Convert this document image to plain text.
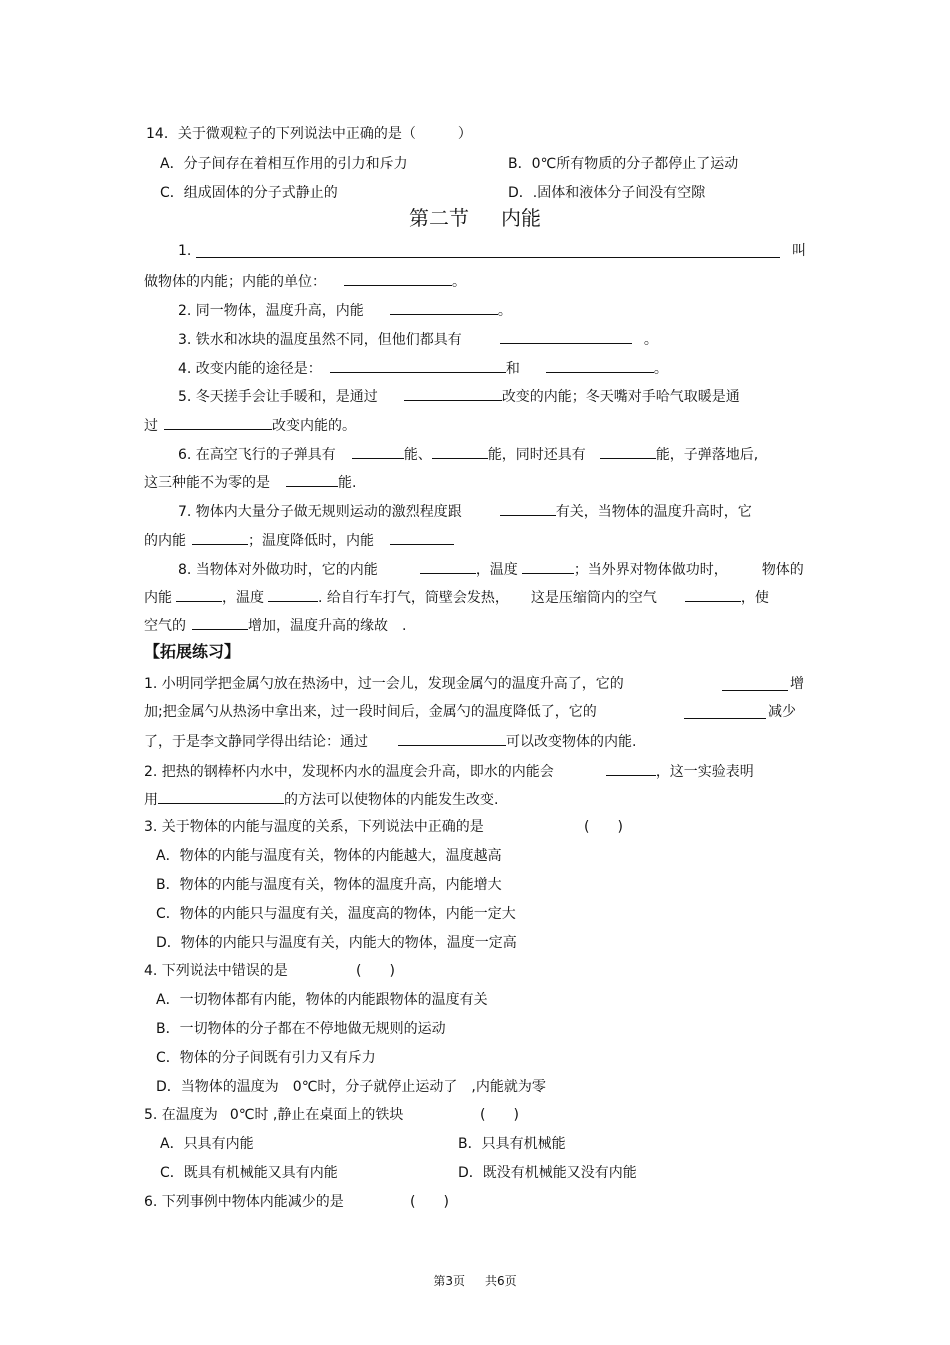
14．关于微观粒子的下列说法中正确的是（　　　）
A．分子间存在着相互作用的引力和斥力	B．0℃所有物质的分子都停止了运动
C．组成固体的分子式静止的	D．.固体和液体分子间没有空隙
第二节 内能
1.	叫
做物体的内能；内能的单位：	。
2. 同一物体，温度升高，内能	。
3. 铁水和冰块的温度虽然不同，但他们都具有	。
4. 改变内能的途径是：	和	。
5. 冬天搓手会让手暖和，是通过	改变的内能；冬天嘴对手哈气取暖是通
过	改变内能的。
6. 在高空飞行的子弹具有	能、	能，同时还具有	能，子弹落地后,
这三种能不为零的是	能.
7. 物体内大量分子做无规则运动的激烈程度跟	有关，当物体的温度升高时，它
的内能	；温度降低时，内能
8. 当物体对外做功时，它的内能	，温度	；当外界对物体做功时， 物体的
内能	，温度	. 给自行车打气，筒壁会发热， 这是压缩筒内的空气	，使
空气的	增加，温度升高的缘故 .
【拓展练习】
1. 小明同学把金属勺放在热汤中，过一会儿，发现金属勺的温度升高了，它的	增
加;把金属勺从热汤中拿出来，过一段时间后，金属勺的温度降低了，它的	减少
了，于是李文静同学得出结论：通过	可以改变物体的内能.
2. 把热的钢棒杯内水中，发现杯内水的温度会升高，即水的内能会	，这一实验表明
用	的方法可以使物体的内能发生改变.
3. 关于物体的内能与温度的关系，下列说法中正确的是	(　　)
A．物体的内能与温度有关，物体的内能越大，温度越高
B．物体的内能与温度有关，物体的温度升高，内能增大
C．物体的内能只与温度有关，温度高的物体，内能一定大
D．物体的内能只与温度有关，内能大的物体，温度一定高
4. 下列说法中错误的是	(　　)
A．一切物体都有内能，物体的内能跟物体的温度有关
B．一切物体的分子都在不停地做无规则的运动
C．物体的分子间既有引力又有斥力
D．当物体的温度为 0℃时，分子就停止运动了 ,内能就为零
5. 在温度为 0℃时 ,静止在桌面上的铁块	(　　)
A．只具有内能	B．只具有机械能
C．既具有机械能又具有内能	D．既没有机械能又没有内能
6. 下列事例中物体内能减少的是	(　　)
第3页 共6页
